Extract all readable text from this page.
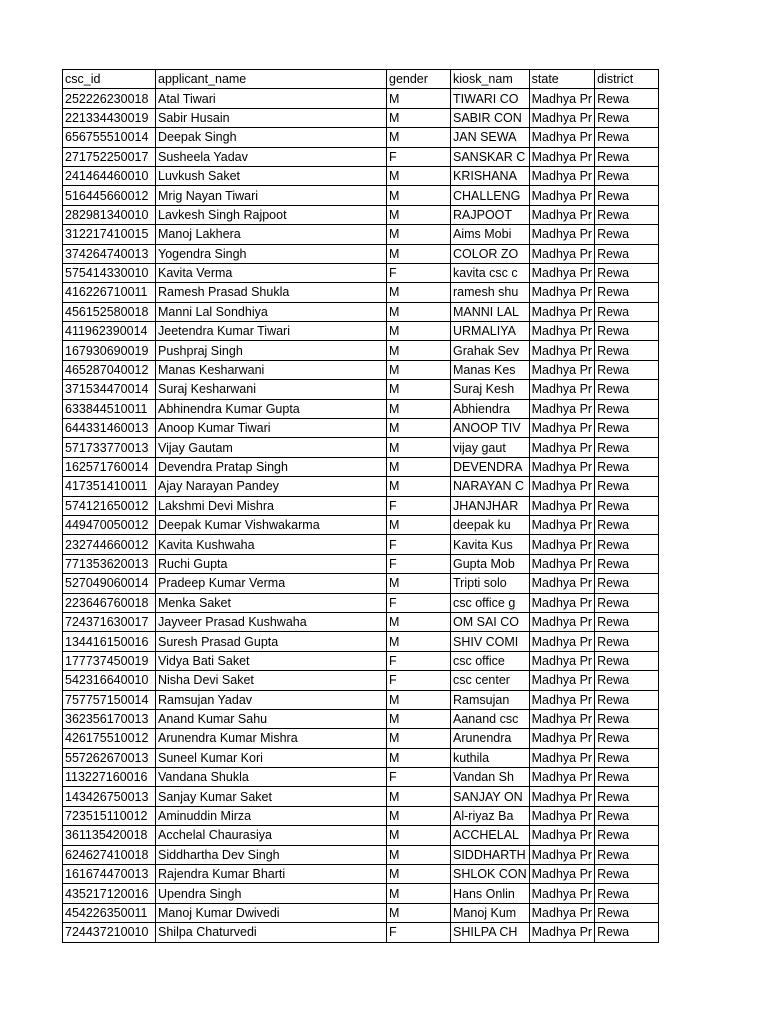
csc_id	applicant_name	gender	kiosk_nam	state	district
252226230018	Atal Tiwari	M	TIWARI CO	Madhya Pr	Rewa
221334430019	Sabir Husain	M	SABIR CON	Madhya Pr	Rewa
656755510014	Deepak Singh	M	JAN SEWA	Madhya Pr	Rewa
271752250017	Susheela Yadav	F	SANSKAR C	Madhya Pr	Rewa
241464460010	Luvkush Saket	M	KRISHANA	Madhya Pr	Rewa
516445660012	Mrig Nayan Tiwari	M	CHALLENG	Madhya Pr	Rewa
282981340010	Lavkesh Singh Rajpoot	M	RAJPOOT	Madhya Pr	Rewa
312217410015	Manoj Lakhera	M	Aims Mobi	Madhya Pr	Rewa
374264740013	Yogendra Singh	M	COLOR ZO	Madhya Pr	Rewa
575414330010	Kavita Verma	F	kavita csc c	Madhya Pr	Rewa
416226710011	Ramesh Prasad Shukla	M	ramesh shu	Madhya Pr	Rewa
456152580018	Manni Lal Sondhiya	M	MANNI LAL	Madhya Pr	Rewa
411962390014	Jeetendra Kumar Tiwari	M	URMALIYA	Madhya Pr	Rewa
167930690019	Pushpraj Singh	M	Grahak Sev	Madhya Pr	Rewa
465287040012	Manas Kesharwani	M	Manas Kes	Madhya Pr	Rewa
371534470014	Suraj Kesharwani	M	Suraj Kesh	Madhya Pr	Rewa
633844510011	Abhinendra Kumar Gupta	M	Abhiendra	Madhya Pr	Rewa
644331460013	Anoop Kumar Tiwari	M	ANOOP TIV	Madhya Pr	Rewa
571733770013	Vijay Gautam	M	vijay gaut	Madhya Pr	Rewa
162571760014	Devendra Pratap Singh	M	DEVENDRA	Madhya Pr	Rewa
417351410011	Ajay Narayan Pandey	M	NARAYAN C	Madhya Pr	Rewa
574121650012	Lakshmi Devi Mishra	F	JHANJHAR	Madhya Pr	Rewa
449470050012	Deepak Kumar Vishwakarma	M	deepak ku	Madhya Pr	Rewa
232744660012	Kavita Kushwaha	F	Kavita Kus	Madhya Pr	Rewa
771353620013	Ruchi Gupta	F	Gupta Mob	Madhya Pr	Rewa
527049060014	Pradeep Kumar Verma	M	Tripti solo	Madhya Pr	Rewa
223646760018	Menka Saket	F	csc office g	Madhya Pr	Rewa
724371630017	Jayveer Prasad Kushwaha	M	OM SAI CO	Madhya Pr	Rewa
134416150016	Suresh Prasad Gupta	M	SHIV COMI	Madhya Pr	Rewa
177737450019	Vidya Bati Saket	F	csc office	Madhya Pr	Rewa
542316640010	Nisha Devi Saket	F	csc center	Madhya Pr	Rewa
757757150014	Ramsujan Yadav	M	Ramsujan	Madhya Pr	Rewa
362356170013	Anand Kumar Sahu	M	Aanand csc	Madhya Pr	Rewa
426175510012	Arunendra Kumar Mishra	M	Arunendra	Madhya Pr	Rewa
557262670013	Suneel Kumar Kori	M	kuthila	Madhya Pr	Rewa
113227160016	Vandana Shukla	F	Vandan Sh	Madhya Pr	Rewa
143426750013	Sanjay Kumar Saket	M	SANJAY ON	Madhya Pr	Rewa
723515110012	Aminuddin Mirza	M	Al-riyaz Ba	Madhya Pr	Rewa
361135420018	Acchelal Chaurasiya	M	ACCHELAL	Madhya Pr	Rewa
624627410018	Siddhartha Dev Singh	M	SIDDHARTH	Madhya Pr	Rewa
161674470013	Rajendra Kumar Bharti	M	SHLOK CON	Madhya Pr	Rewa
435217120016	Upendra Singh	M	Hans Onlin	Madhya Pr	Rewa
454226350011	Manoj Kumar Dwivedi	M	Manoj Kum	Madhya Pr	Rewa
724437210010	Shilpa Chaturvedi	F	SHILPA CH	Madhya Pr	Rewa
